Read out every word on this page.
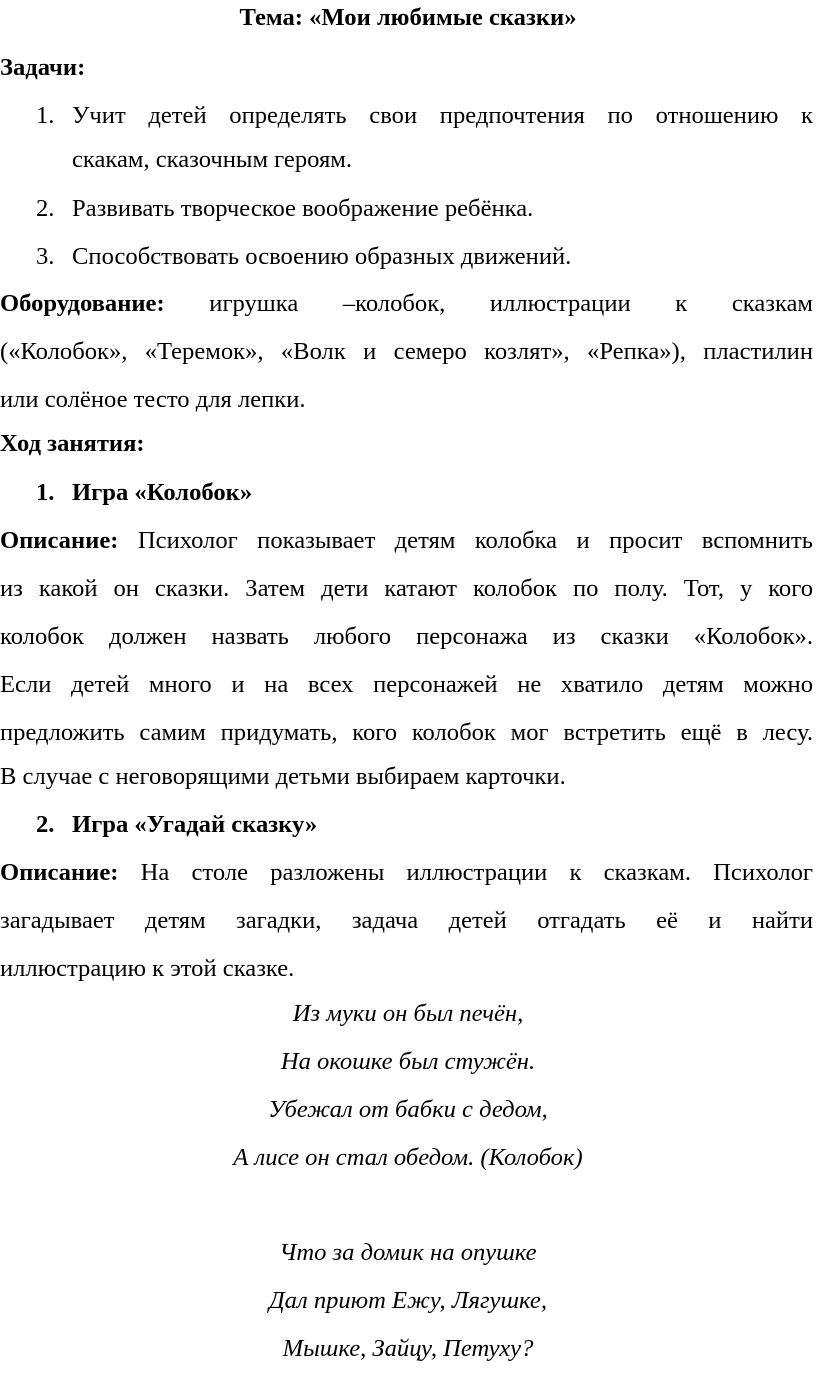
Тема: «Мои любимые сказки»
Задачи:
1. Учит детей определять свои предпочтения по отношению к
скакам, сказочным героям.
2. Развивать творческое воображение ребёнка.
3. Способствовать освоению образных движений.
Оборудование: игрушка –колобок, иллюстрации к сказкам
(«Колобок», «Теремок», «Волк и семеро козлят», «Репка»), пластилин
или солёное тесто для лепки.
Ход занятия:
1. Игра «Колобок»
Описание: Психолог показывает детям колобка и просит вспомнить
из какой он сказки. Затем дети катают колобок по полу. Тот, у кого
колобок должен назвать любого персонажа из сказки «Колобок».
Если детей много и на всех персонажей не хватило детям можно
предложить самим придумать, кого колобок мог встретить ещё в лесу.
В случае с неговорящими детьми выбираем карточки.
2. Игра «Угадай сказку»
Описание: На столе разложены иллюстрации к сказкам. Психолог
загадывает детям загадки, задача детей отгадать её и найти
иллюстрацию к этой сказке.
Из муки он был печён,
На окошке был стужён.
Убежал от бабки с дедом,
А лисе он стал обедом. (Колобок)
Что за домик на опушке
Дал приют Ежу, Лягушке,
Мышке, Зайцу, Петуху?
